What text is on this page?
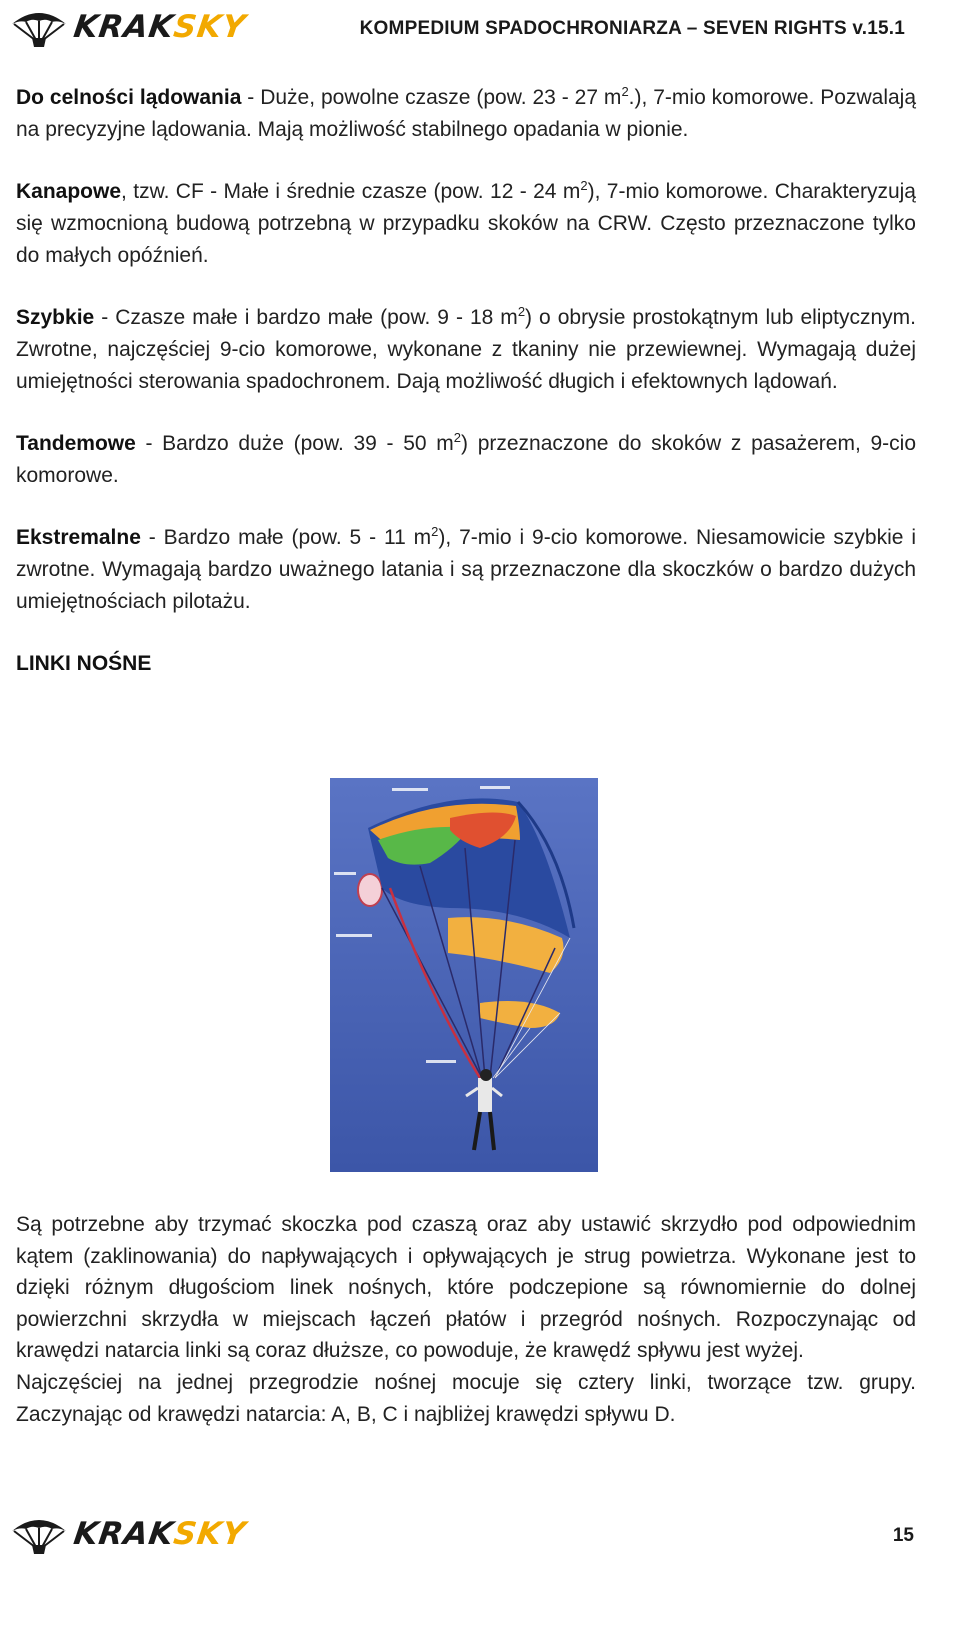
KRAKSKY	KOMPEDIUM SPADOCHRONIARZA – SEVEN RIGHTS v.15.1

Do celności lądowania - Duże, powolne czasze (pow. 23 - 27 $m^2$.), 7-mio komorowe. Pozwalają na precyzyjne lądowania. Mają możliwość stabilnego opadania w pionie.

Kanapowe, tzw. CF - Małe i średnie czasze (pow. 12 - 24 $m^2$), 7-mio komorowe. Charakteryzują się wzmocnioną budową potrzebną w przypadku skoków na CRW. Często przeznaczone tylko do małych opóźnień.

Szybkie - Czasze małe i bardzo małe (pow. 9 - 18 $m^2$) o obrysie prostokątnym lub eliptycznym. Zwrotne, najczęściej 9-cio komorowe, wykonane z tkaniny nie przewiewnej. Wymagają dużej umiejętności sterowania spadochronem. Dają możliwość długich i efektownych lądowań.

Tandemowe - Bardzo duże (pow. 39 - 50 $m^2$) przeznaczone do skoków z pasażerem, 9-cio komorowe.

Ekstremalne - Bardzo małe (pow. 5 - 11 $m^2$), 7-mio i 9-cio komorowe. Niesamowicie szybkie i zwrotne. Wymagają bardzo uważnego latania i są przeznaczone dla skoczków o bardzo dużych umiejętnościach pilotażu.

LINKI NOŚNE

Są potrzebne aby trzymać skoczka pod czaszą oraz aby ustawić skrzydło pod odpowiednim kątem (zaklinowania) do napływających i opływających je strug powietrza. Wykonane jest to dzięki różnym długościom linek nośnych, które podczepione są równomiernie do dolnej powierzchni skrzydła w miejscach łączeń płatów i przegród nośnych. Rozpoczynając od krawędzi natarcia linki są coraz dłuższe, co powoduje, że krawędź spływu jest wyżej.

Najczęściej na jednej przegrodzie nośnej mocuje się cztery linki, tworzące tzw. grupy. Zaczynając od krawędzi natarcia: A, B, C i najbliżej krawędzi spływu D.

KRAKSKY	15
